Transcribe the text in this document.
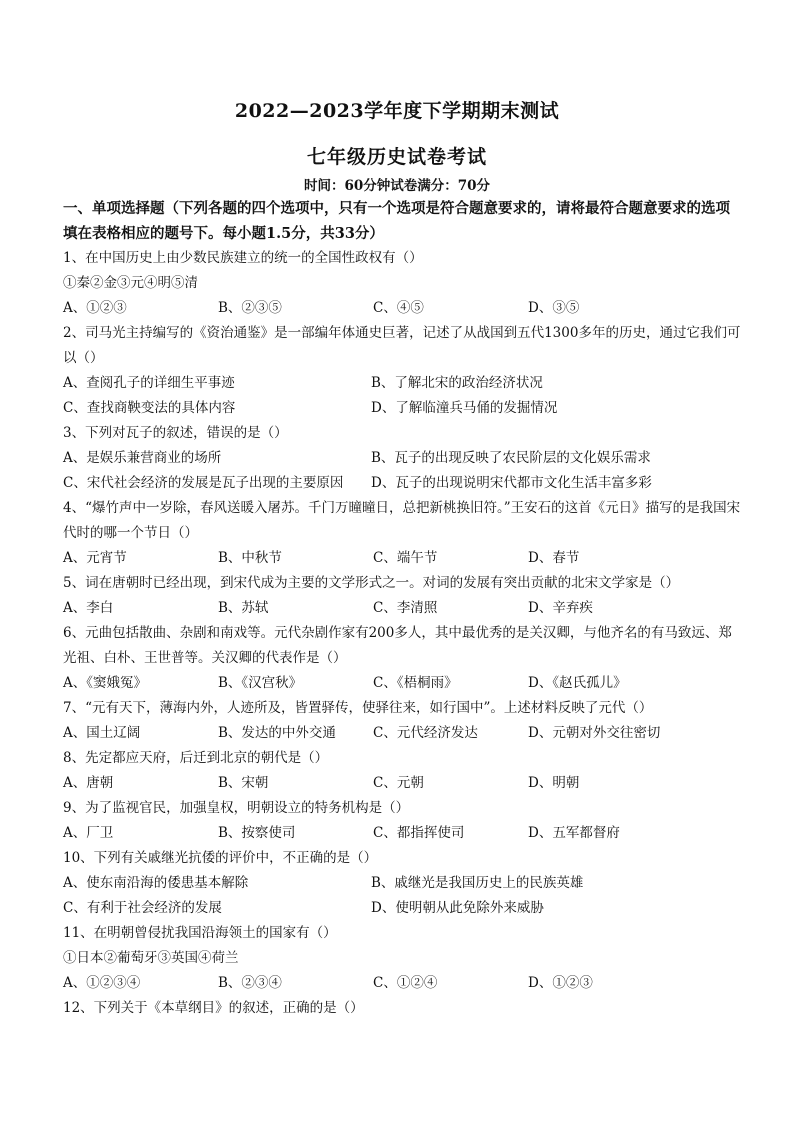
2022—2023学年度下学期期末测试
七年级历史试卷考试
时间：60分钟试卷满分：70分
一、单项选择题（下列各题的四个选项中，只有一个选项是符合题意要求的，请将最符合题意要求的选项填在表格相应的题号下。每小题1.5分，共33分）

1、在中国历史上由少数民族建立的统一的全国性政权有（）

①秦②金③元④明⑤清

A、①②③	B、②③⑤	C、④⑤	D、③⑤

2、司马光主持编写的《资治通鉴》是一部编年体通史巨著，记述了从战国到五代1300多年的历史，通过它我们可以（）

A、查阅孔子的详细生平事迹	B、了解北宋的政治经济状况
C、查找商鞅变法的具体内容	D、了解临潼兵马俑的发掘情况

3、下列对瓦子的叙述，错误的是（）

A、是娱乐兼营商业的场所	B、瓦子的出现反映了农民阶层的文化娱乐需求
C、宋代社会经济的发展是瓦子出现的主要原因	D、瓦子的出现说明宋代都市文化生活丰富多彩

4、“爆竹声中一岁除，春风送暖入屠苏。千门万曈曈日，总把新桃换旧符。”王安石的这首《元日》描写的是我国宋代时的哪一个节日（）

A、元宵节	B、中秋节	C、端午节	D、春节

5、词在唐朝时已经出现，到宋代成为主要的文学形式之一。对词的发展有突出贡献的北宋文学家是（）

A、李白	B、苏轼	C、李清照	D、辛弃疾

6、元曲包括散曲、杂剧和南戏等。元代杂剧作家有200多人，其中最优秀的是关汉卿，与他齐名的有马致远、郑光祖、白朴、王世普等。关汉卿的代表作是（）

A、《窦娥冤》	B、《汉宫秋》	C、《梧桐雨》	D、《赵氏孤儿》

7、“元有天下，薄海内外，人迹所及，皆置驿传，使驿往来，如行国中”。上述材料反映了元代（）

A、国土辽阔	B、发达的中外交通	C、元代经济发达	D、元朝对外交往密切

8、先定都应天府，后迁到北京的朝代是（）

A、唐朝	B、宋朝	C、元朝	D、明朝

9、为了监视官民，加强皇权，明朝设立的特务机构是（）

A、厂卫	B、按察使司	C、都指挥使司	D、五军都督府

10、下列有关戚继光抗倭的评价中，不正确的是（）

A、使东南沿海的倭患基本解除	B、戚继光是我国历史上的民族英雄
C、有利于社会经济的发展	D、使明朝从此免除外来威胁

11、在明朝曾侵扰我国沿海领土的国家有（）

①日本②葡萄牙③英国④荷兰

A、①②③④	B、②③④	C、①②④	D、①②③

12、下列关于《本草纲目》的叙述，正确的是（）
